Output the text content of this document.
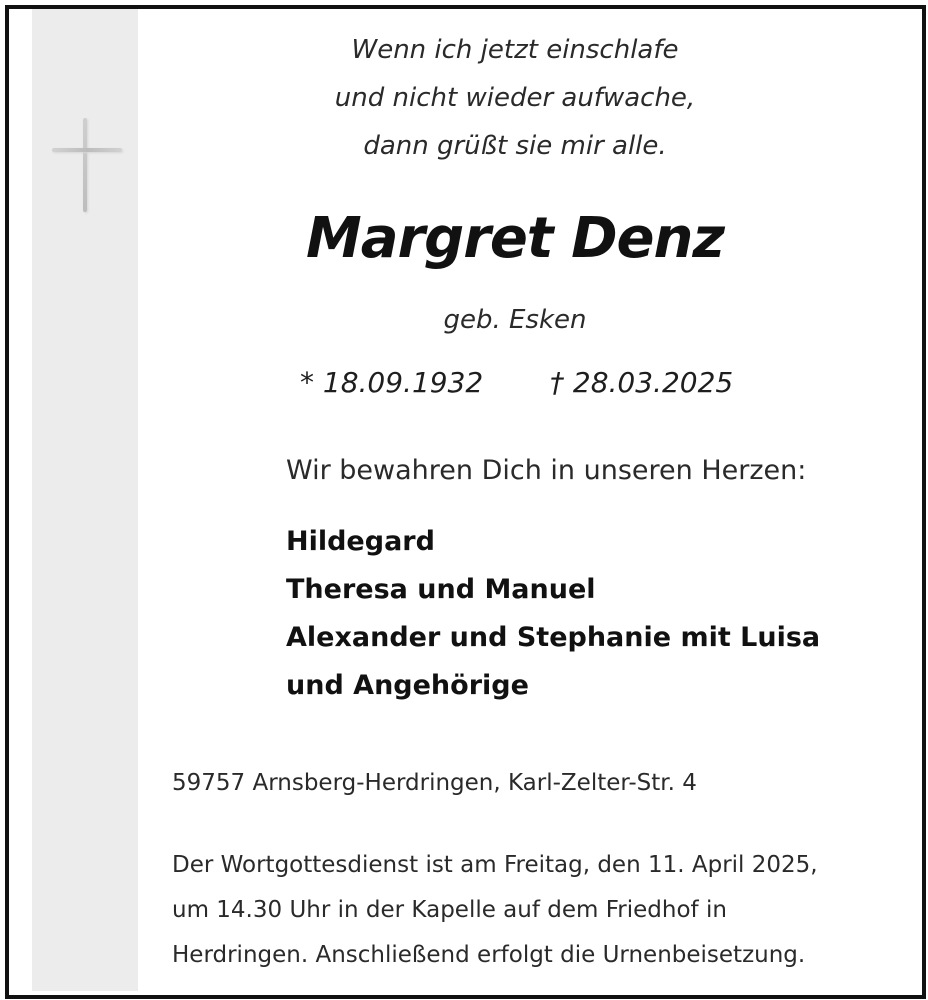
Wenn ich jetzt einschlafe
und nicht wieder aufwache,
dann grüßt sie mir alle.
Margret Denz
geb. Esken
* 18.09.1932 † 28.03.2025
Wir bewahren Dich in unseren Herzen:
Hildegard
Theresa und Manuel
Alexander und Stephanie mit Luisa
und Angehörige
59757 Arnsberg-Herdringen, Karl-Zelter-Str. 4
Der Wortgottesdienst ist am Freitag, den 11. April 2025,
um 14.30 Uhr in der Kapelle auf dem Friedhof in
Herdringen. Anschließend erfolgt die Urnenbeisetzung.
